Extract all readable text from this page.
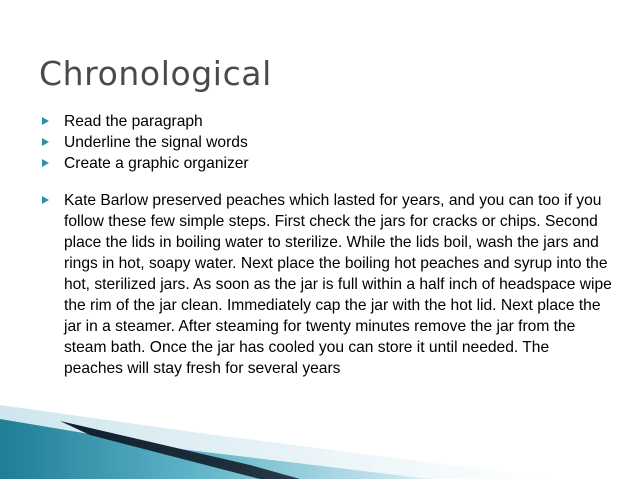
Chronological
Read the paragraph
Underline the signal words
Create a graphic organizer
Kate Barlow preserved peaches which lasted for years, and you can too if you follow these few simple steps. First check the jars for cracks or chips. Second place the lids in boiling water to sterilize. While the lids boil, wash the jars and rings in hot, soapy water. Next place the boiling hot peaches and syrup into the hot, sterilized jars. As soon as the jar is full within a half inch of headspace wipe the rim of the jar clean. Immediately cap the jar with the hot lid. Next place the jar in a steamer. After steaming for twenty minutes remove the jar from the steam bath. Once the jar has cooled you can store it until needed. The peaches will stay fresh for several years
